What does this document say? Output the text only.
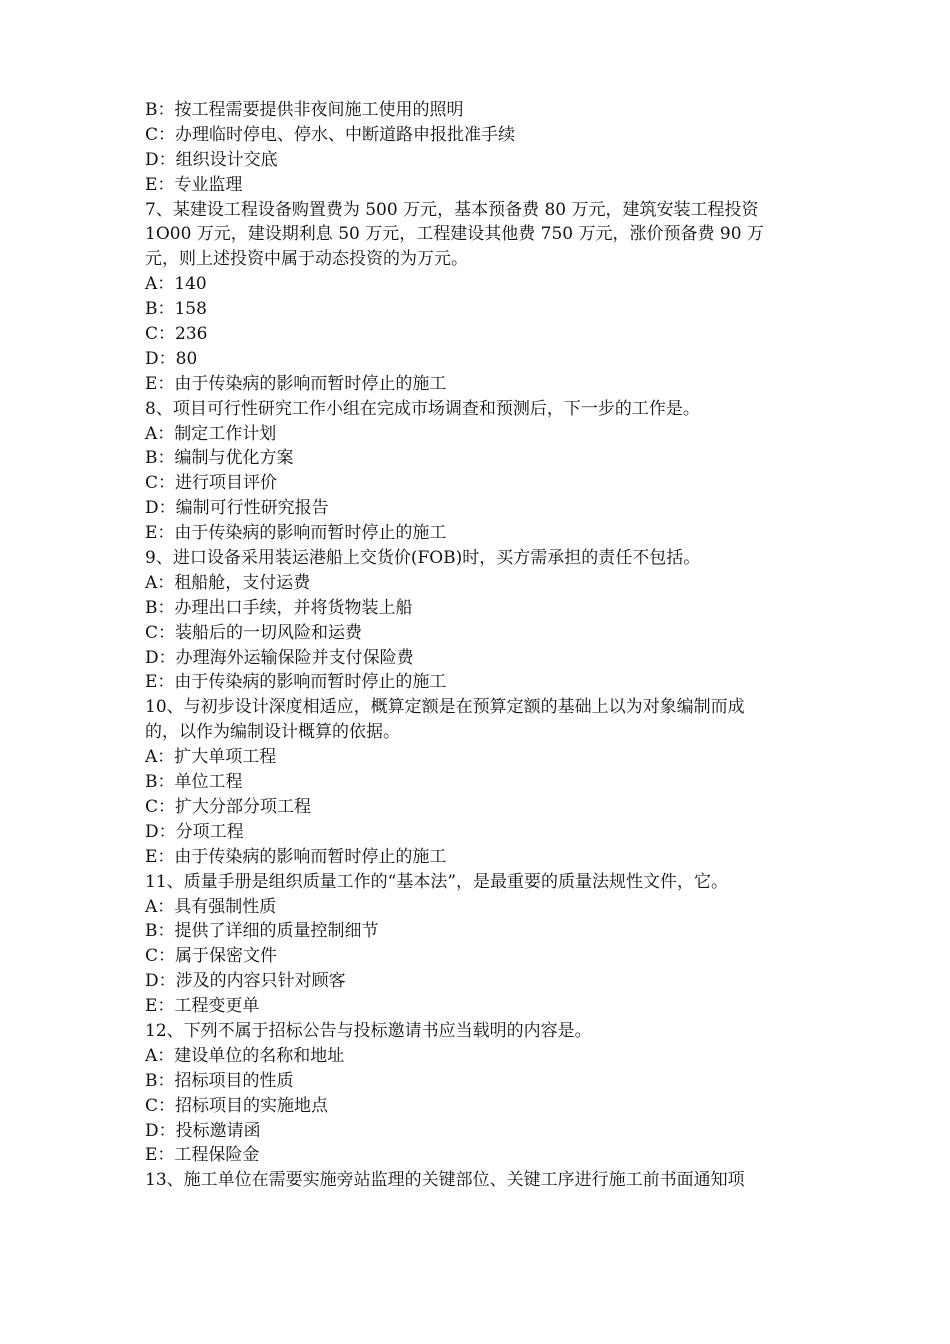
B：按工程需要提供非夜间施工使用的照明
C：办理临时停电、停水、中断道路申报批准手续
D：组织设计交底
E：专业监理
7、某建设工程设备购置费为 500 万元，基本预备费 80 万元，建筑安装工程投资
1O00 万元，建设期利息 50 万元，工程建设其他费 750 万元，涨价预备费 90 万
元，则上述投资中属于动态投资的为万元。
A：140
B：158
C：236
D：80
E：由于传染病的影响而暂时停止的施工
8、项目可行性研究工作小组在完成市场调查和预测后，下一步的工作是。
A：制定工作计划
B：编制与优化方案
C：进行项目评价
D：编制可行性研究报告
E：由于传染病的影响而暂时停止的施工
9、进口设备采用装运港船上交货价(FOB)时，买方需承担的责任不包括。
A：租船舱，支付运费
B：办理出口手续，并将货物装上船
C：装船后的一切风险和运费
D：办理海外运输保险并支付保险费
E：由于传染病的影响而暂时停止的施工
10、与初步设计深度相适应，概算定额是在预算定额的基础上以为对象编制而成
的，以作为编制设计概算的依据。
A：扩大单项工程
B：单位工程
C：扩大分部分项工程
D：分项工程
E：由于传染病的影响而暂时停止的施工
11、质量手册是组织质量工作的“基本法”，是最重要的质量法规性文件，它。
A：具有强制性质
B：提供了详细的质量控制细节
C：属于保密文件
D：涉及的内容只针对顾客
E：工程变更单
12、下列不属于招标公告与投标邀请书应当载明的内容是。
A：建设单位的名称和地址
B：招标项目的性质
C：招标项目的实施地点
D：投标邀请函
E：工程保险金
13、施工单位在需要实施旁站监理的关键部位、关键工序进行施工前书面通知项
